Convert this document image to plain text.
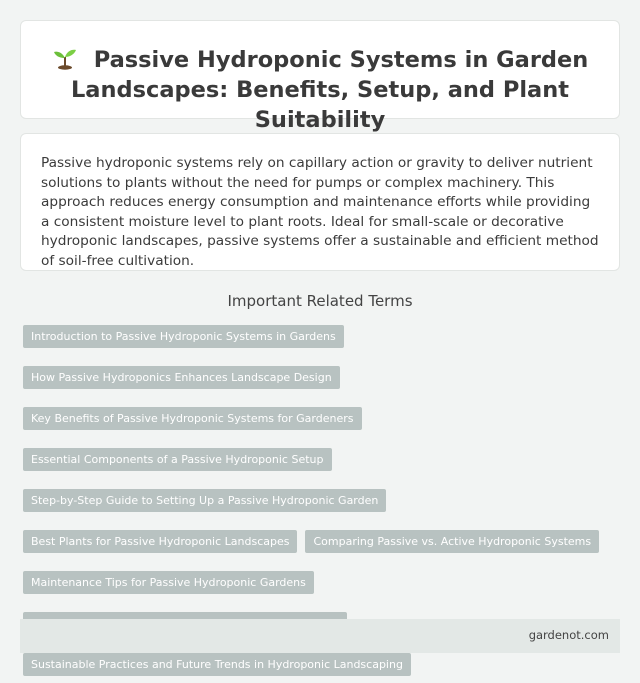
Passive Hydroponic Systems in Garden
Landscapes: Benefits, Setup, and Plant Suitability

Passive hydroponic systems rely on capillary action or gravity to deliver nutrient solutions to plants without the need for pumps or complex machinery. This approach reduces energy consumption and maintenance efforts while providing a consistent moisture level to plant roots. Ideal for small-scale or decorative hydroponic landscapes, passive systems offer a sustainable and efficient method of soil-free cultivation.

Important Related Terms
Introduction to Passive Hydroponic Systems in Gardens
How Passive Hydroponics Enhances Landscape Design
Key Benefits of Passive Hydroponic Systems for Gardeners
Essential Components of a Passive Hydroponic Setup
Step-by-Step Guide to Setting Up a Passive Hydroponic Garden
Best Plants for Passive Hydroponic Landscapes	Comparing Passive vs. Active Hydroponic Systems
Maintenance Tips for Passive Hydroponic Gardens
Sustainable Practices and Future Trends in Hydroponic Landscaping
gardenot.com
